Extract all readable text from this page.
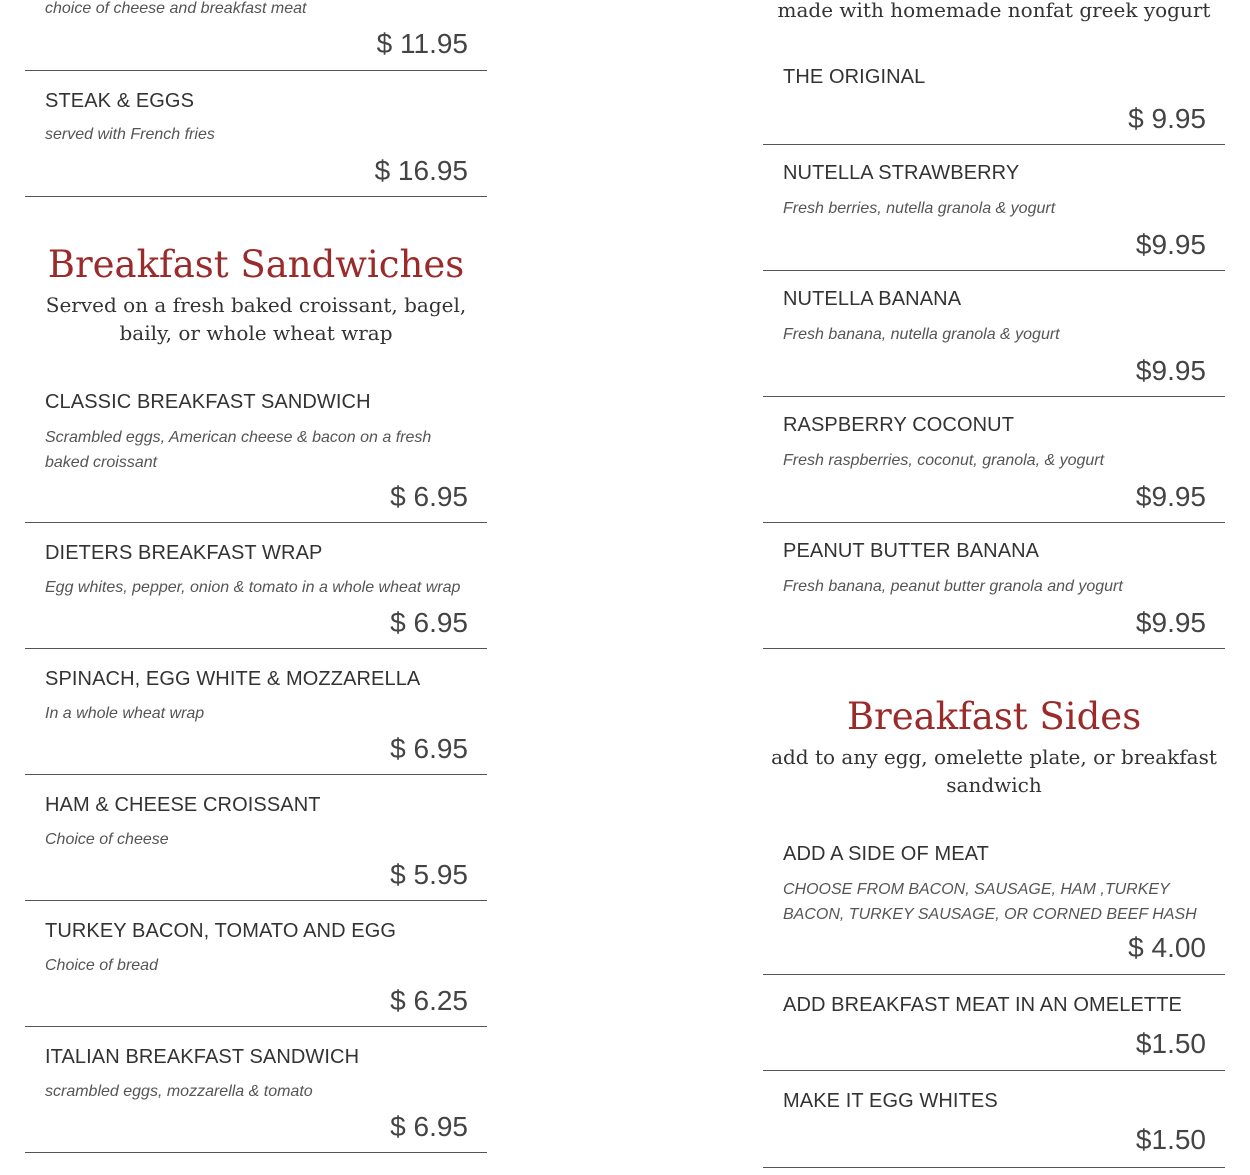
choice of cheese and breakfast meat
$ 11.95
STEAK & EGGS
served with French fries
$ 16.95
Breakfast Sandwiches
Served on a fresh baked croissant, bagel, baily, or whole wheat wrap
CLASSIC BREAKFAST SANDWICH
Scrambled eggs, American cheese & bacon on a fresh baked croissant
$ 6.95
DIETERS BREAKFAST WRAP
Egg whites, pepper, onion & tomato in a whole wheat wrap
$ 6.95
SPINACH, EGG WHITE & MOZZARELLA
In a whole wheat wrap
$ 6.95
HAM & CHEESE CROISSANT
Choice of cheese
$ 5.95
TURKEY BACON, TOMATO AND EGG
Choice of bread
$ 6.25
ITALIAN BREAKFAST SANDWICH
scrambled eggs, mozzarella & tomato
$ 6.95
made with homemade nonfat greek yogurt
THE ORIGINAL
$ 9.95
NUTELLA STRAWBERRY
Fresh berries, nutella granola & yogurt
$9.95
NUTELLA BANANA
Fresh banana, nutella granola & yogurt
$9.95
RASPBERRY COCONUT
Fresh raspberries, coconut, granola, & yogurt
$9.95
PEANUT BUTTER BANANA
Fresh banana, peanut butter granola and yogurt
$9.95
Breakfast Sides
add to any egg, omelette plate, or breakfast sandwich
ADD A SIDE OF MEAT
CHOOSE FROM BACON, SAUSAGE, HAM ,TURKEY BACON, TURKEY SAUSAGE, OR CORNED BEEF HASH
$ 4.00
ADD BREAKFAST MEAT IN AN OMELETTE
$1.50
MAKE IT EGG WHITES
$1.50
